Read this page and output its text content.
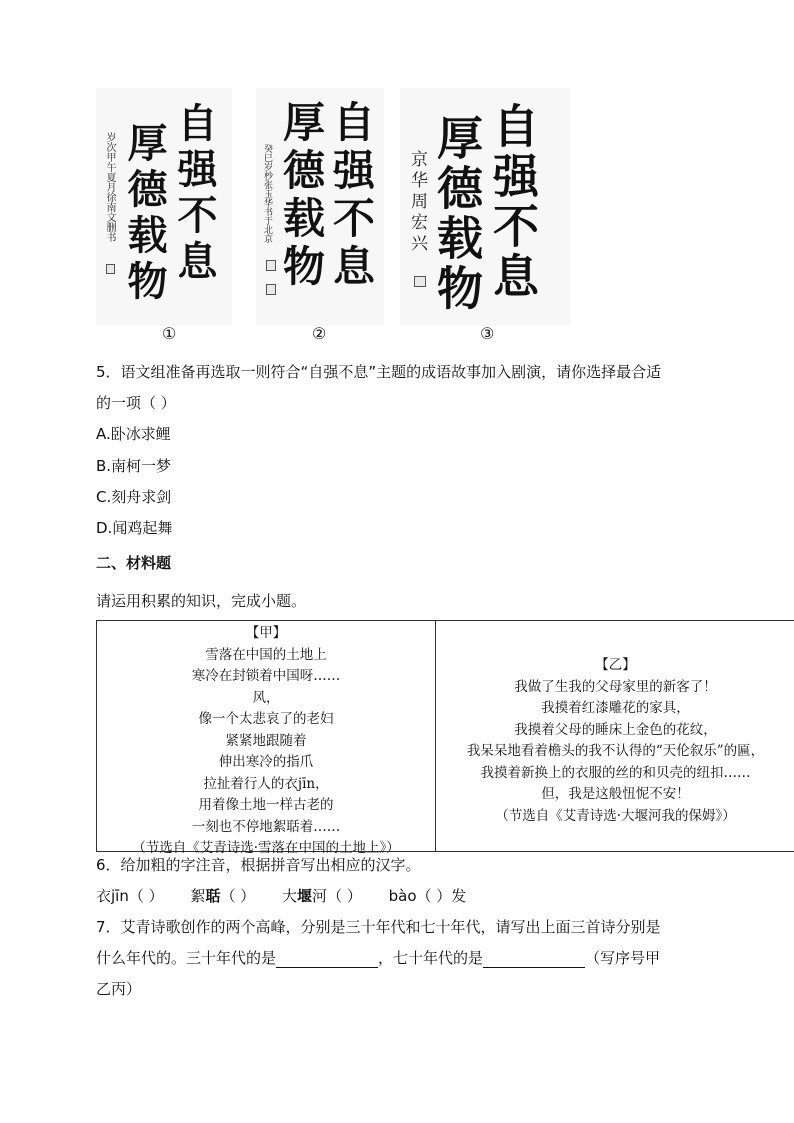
自强不息
厚德载物
岁次甲午夏月徐南文删书
①
自强不息
厚德载物
癸巳岁杪张玉华书于北京
②
自强不息
厚德载物
京华周宏兴
③
5．语文组准备再选取一则符合“自强不息”主题的成语故事加入剧演，请你选择最合适
的一项（ ）
A.卧冰求鲤
B.南柯一梦
C.刻舟求剑
D.闻鸡起舞
二、材料题
请运用积累的知识，完成小题。
【甲】
雪落在中国的土地上
寒冷在封锁着中国呀……
风，
像一个太悲哀了的老妇
紧紧地跟随着
伸出寒冷的指爪
拉扯着行人的衣jīn，
用着像土地一样古老的
一刻也不停地絮聒着……
（节选自《艾青诗选·雪落在中国的土地上》）
【乙】
我做了生我的父母家里的新客了！
我摸着红漆雕花的家具，
我摸着父母的睡床上金色的花纹，
我呆呆地看着檐头的我不认得的“天伦叙乐”的匾，
我摸着新换上的衣服的丝的和贝壳的纽扣……
但，我是这般忸怩不安！
（节选自《艾青诗选·大堰河我的保姆》）
6．给加粗的字注音，根据拼音写出相应的汉字。
衣jīn（ ） 絮聒（ ） 大堰河（ ） bào（ ）发
7．艾青诗歌创作的两个高峰，分别是三十年代和七十年代，请写出上面三首诗分别是
什么年代的。三十年代的是	，七十年代的是	（写序号甲
乙丙）
